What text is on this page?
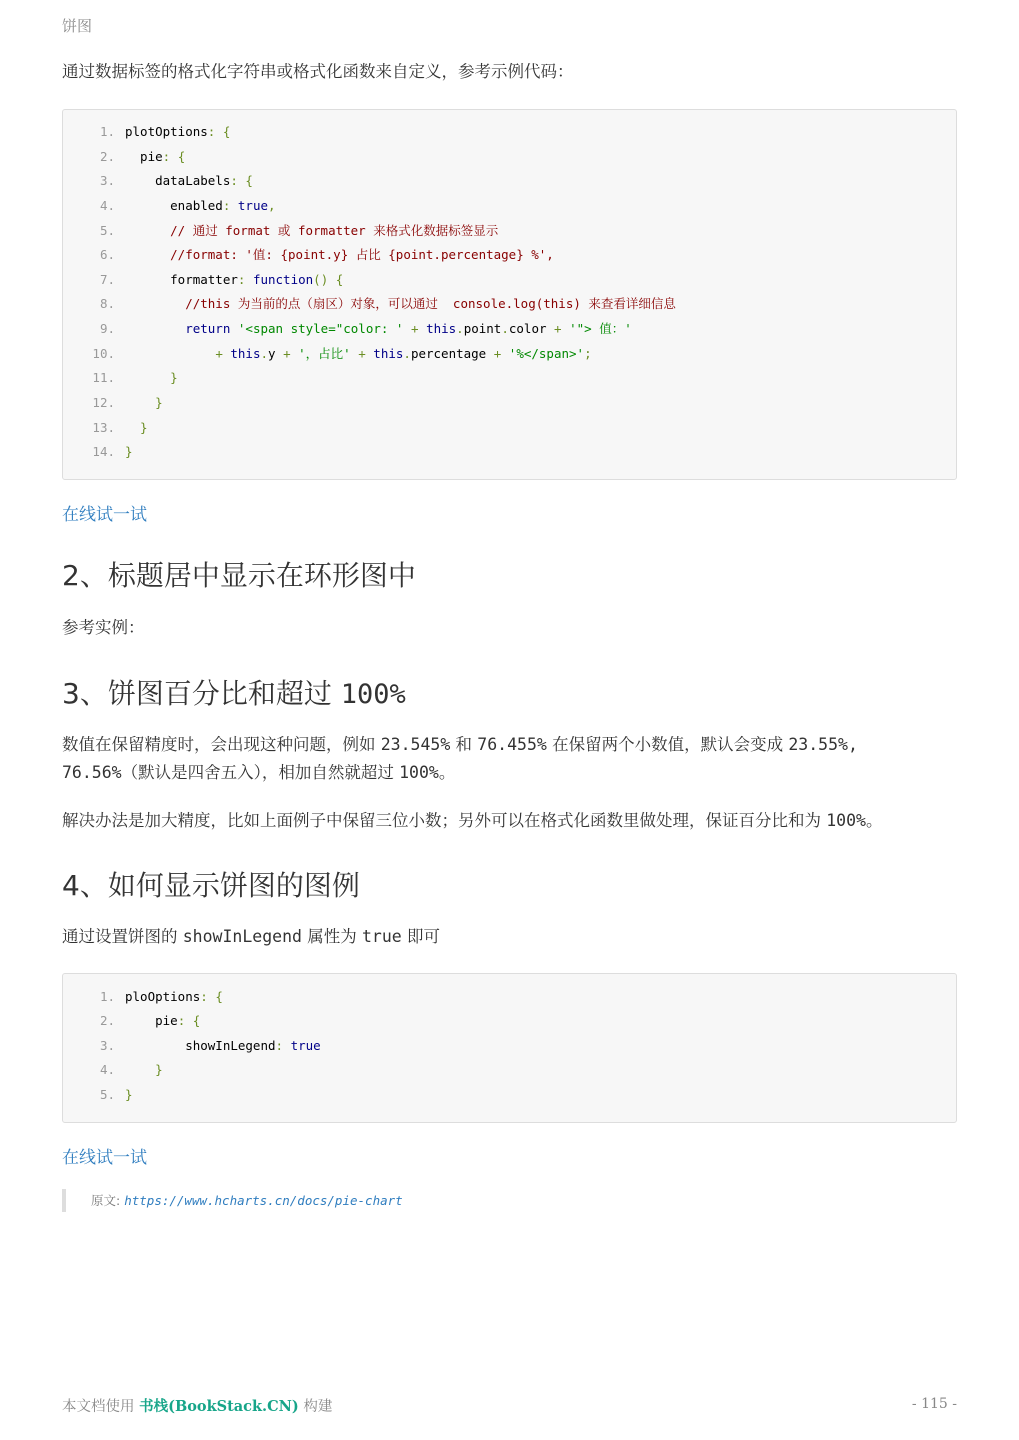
饼图
通过数据标签的格式化字符串或格式化函数来自定义，参考示例代码：
1. plotOptions: {
2. pie: {
3. dataLabels: {
4. enabled: true,
5. // 通过 format 或 formatter 来格式化数据标签显示
6. //format: '值: {point.y} 占比 {point.percentage} %',
7. formatter: function() {
8. //this 为当前的点（扇区）对象，可以通过  console.log(this) 来查看详细信息
9. return '<span style="color: ' + this.point.color + '"> 值：'
10.	+ this.y + '，占比' + this.percentage + '%</span>';
11. }
12. }
13. }
14. }
在线试一试
2、标题居中显示在环形图中
参考实例：
3、饼图百分比和超过 100%
数值在保留精度时，会出现这种问题，例如 23.545% 和 76.455% 在保留两个小数值，默认会变成 23.55%,
76.56%（默认是四舍五入），相加自然就超过 100%。
解决办法是加大精度，比如上面例子中保留三位小数；另外可以在格式化函数里做处理，保证百分比和为 100%。
4、如何显示饼图的图例
通过设置饼图的 showInLegend 属性为 true 即可
1. ploOptions: {
2. pie: {
3. showInLegend: true
4. }
5. }
在线试一试
原文: https://www.hcharts.cn/docs/pie-chart
本文档使用 书栈(BookStack.CN) 构建	- 115 -
